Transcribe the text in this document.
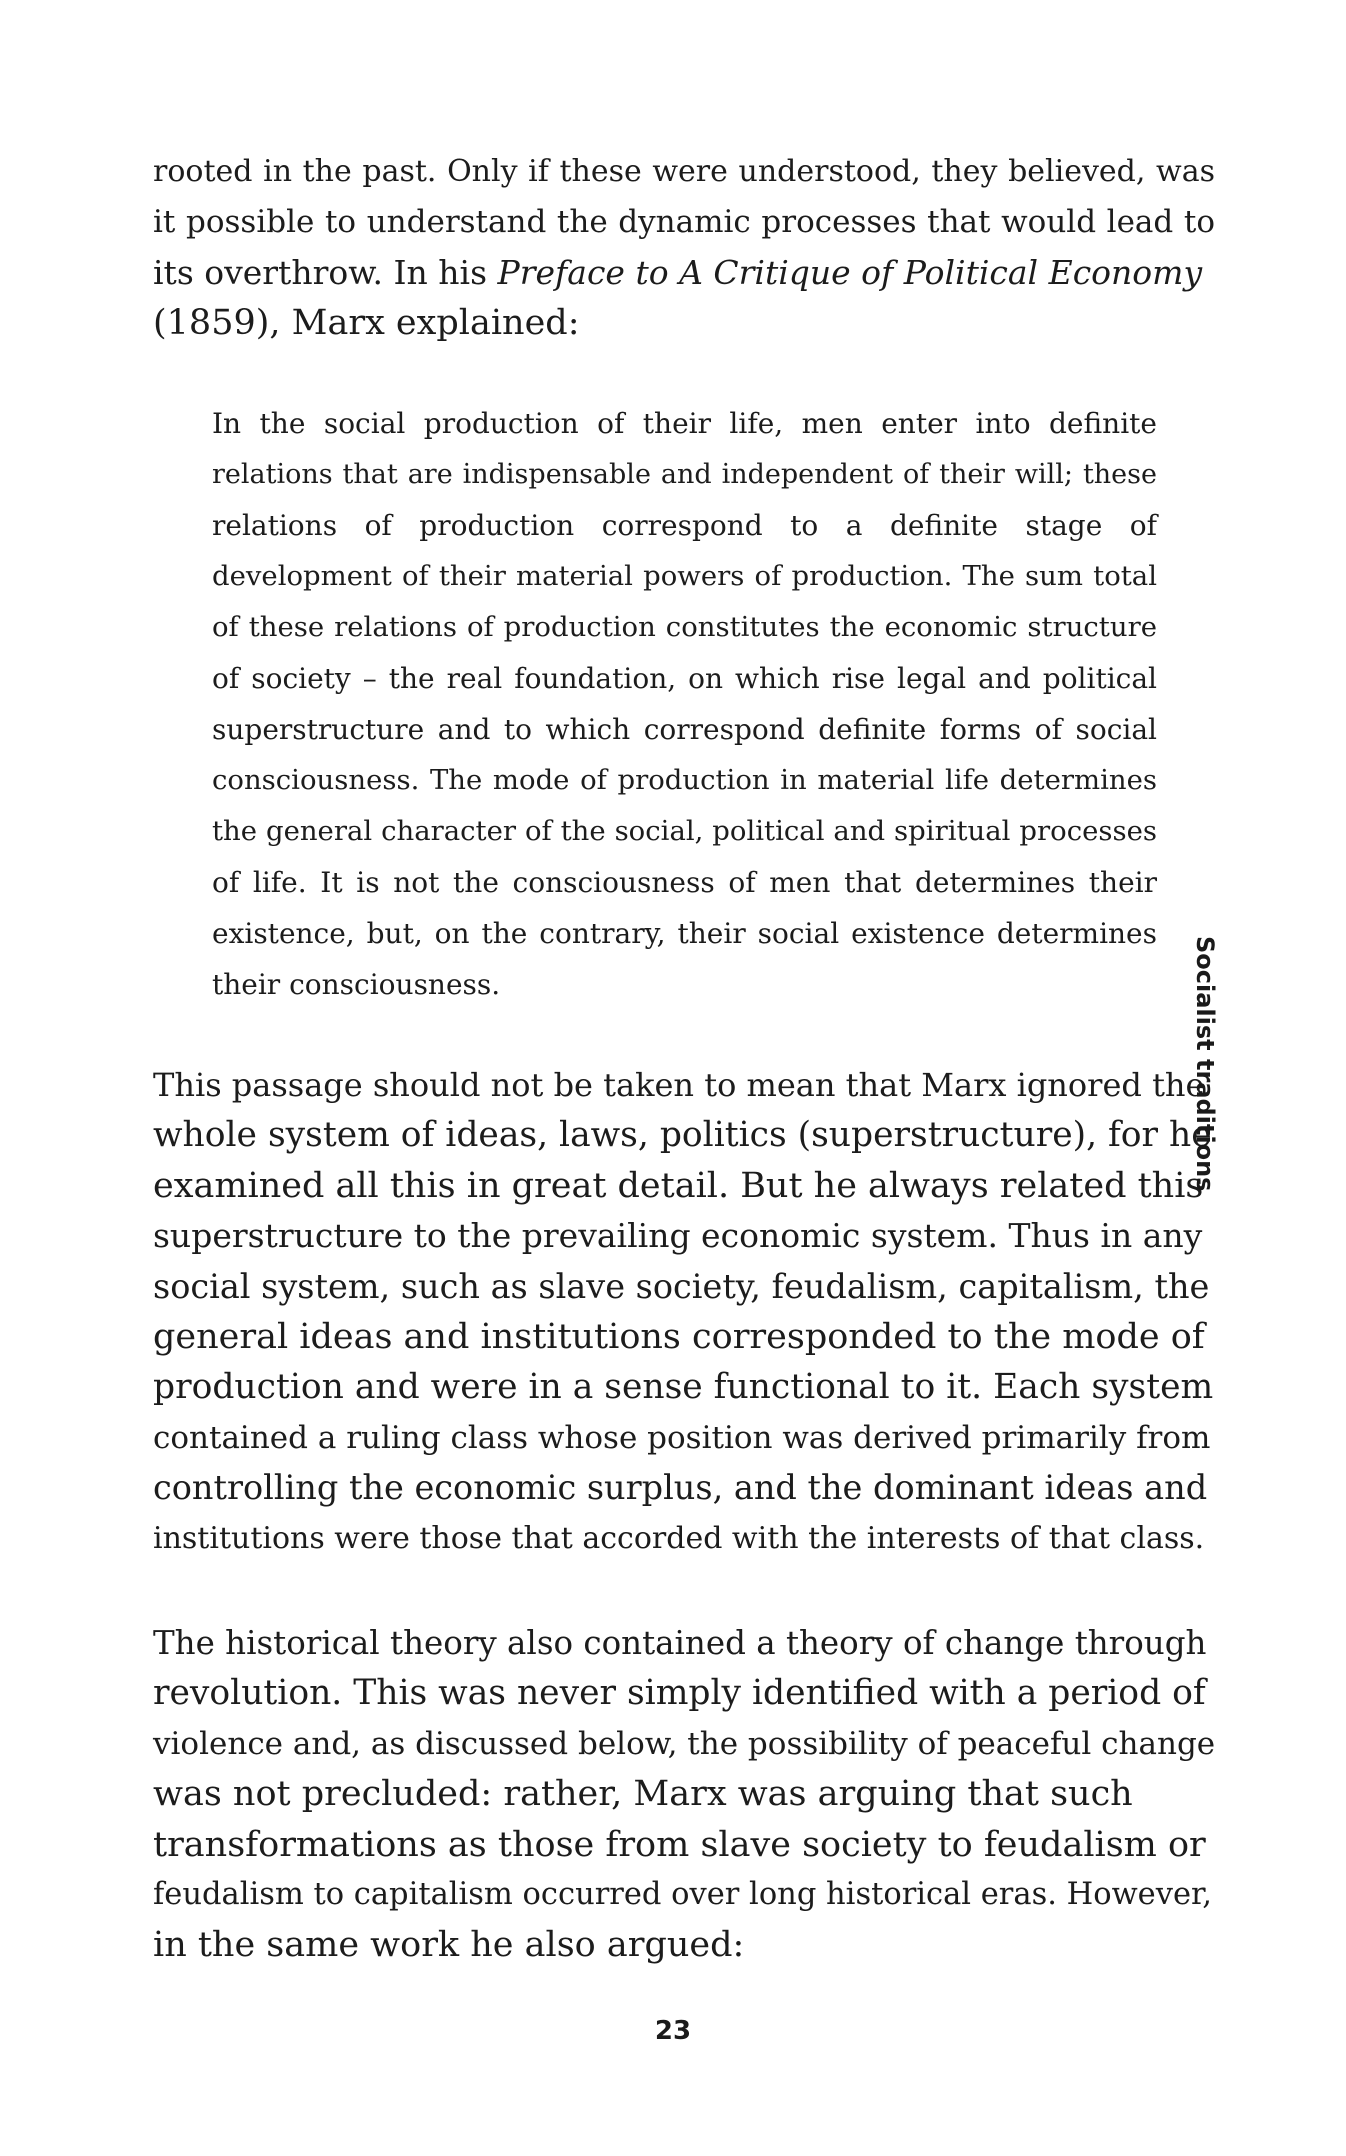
rooted in the past. Only if these were understood, they believed, was
it possible to understand the dynamic processes that would lead to
its overthrow. In his Preface to A Critique of Political Economy
(1859), Marx explained:
In the social production of their life, men enter into definite
relations that are indispensable and independent of their will; these
relations of production correspond to a definite stage of
development of their material powers of production. The sum total
of these relations of production constitutes the economic structure
of society – the real foundation, on which rise legal and political
superstructure and to which correspond definite forms of social
consciousness. The mode of production in material life determines
the general character of the social, political and spiritual processes
of life. It is not the consciousness of men that determines their
existence, but, on the contrary, their social existence determines
their consciousness.
This passage should not be taken to mean that Marx ignored the
whole system of ideas, laws, politics (superstructure), for he
examined all this in great detail. But he always related this
superstructure to the prevailing economic system. Thus in any
social system, such as slave society, feudalism, capitalism, the
general ideas and institutions corresponded to the mode of
production and were in a sense functional to it. Each system
contained a ruling class whose position was derived primarily from
controlling the economic surplus, and the dominant ideas and
institutions were those that accorded with the interests of that class.
The historical theory also contained a theory of change through
revolution. This was never simply identified with a period of
violence and, as discussed below, the possibility of peaceful change
was not precluded: rather, Marx was arguing that such
transformations as those from slave society to feudalism or
feudalism to capitalism occurred over long historical eras. However,
in the same work he also argued:
Socialist traditions
23
